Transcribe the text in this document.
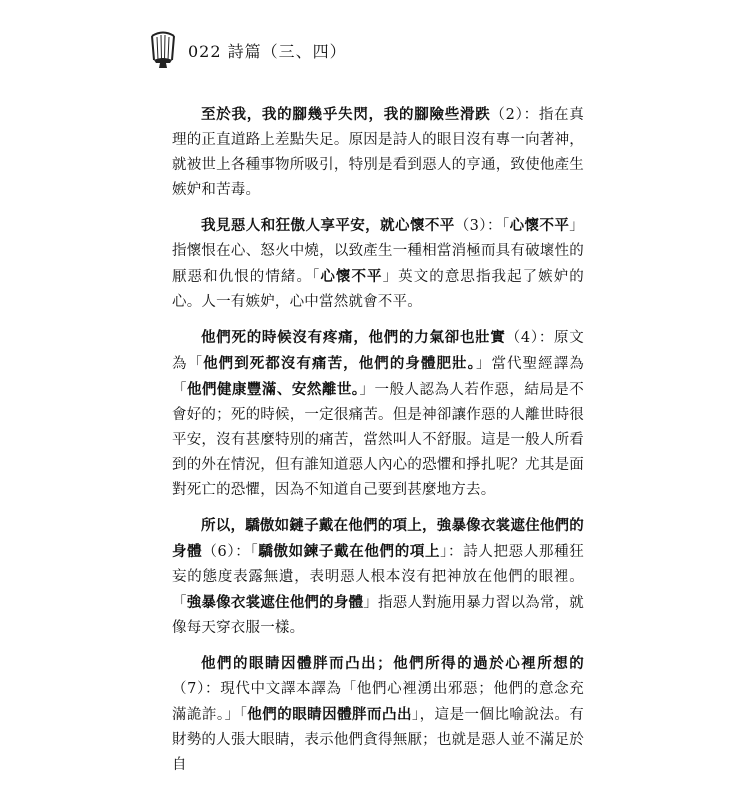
022 詩篇（三、四）

至於我，我的腳幾乎失閃，我的腳險些滑跌（2）：指在真理的正直道路上差點失足。原因是詩人的眼目沒有專一向著神，就被世上各種事物所吸引，特別是看到惡人的亨通，致使他產生嫉妒和苦毒。

我見惡人和狂傲人享平安，就心懷不平（3）：「心懷不平」指懷恨在心、怒火中燒，以致產生一種相當消極而具有破壞性的厭惡和仇恨的情緒。「心懷不平」英文的意思指我起了嫉妒的心。人一有嫉妒，心中當然就會不平。

他們死的時候沒有疼痛，他們的力氣卻也壯實（4）：原文為「他們到死都沒有痛苦，他們的身體肥壯。」當代聖經譯為「他們健康豐滿、安然離世。」一般人認為人若作惡，結局是不會好的；死的時候，一定很痛苦。但是神卻讓作惡的人離世時很平安，沒有甚麼特別的痛苦，當然叫人不舒服。這是一般人所看到的外在情況，但有誰知道惡人內心的恐懼和掙扎呢？尤其是面對死亡的恐懼，因為不知道自己要到甚麼地方去。

所以，驕傲如鏈子戴在他們的項上，強暴像衣裳遮住他們的身體（6）：「驕傲如鍊子戴在他們的項上」：詩人把惡人那種狂妄的態度表露無遺，表明惡人根本沒有把神放在他們的眼裡。「強暴像衣裳遮住他們的身體」指惡人對施用暴力習以為常，就像每天穿衣服一樣。

他們的眼睛因體胖而凸出；他們所得的過於心裡所想的（7）：現代中文譯本譯為「他們心裡湧出邪惡；他們的意念充滿詭詐。」「他們的眼睛因體胖而凸出」，這是一個比喻說法。有財勢的人張大眼睛，表示他們貪得無厭；也就是惡人並不滿足於自
